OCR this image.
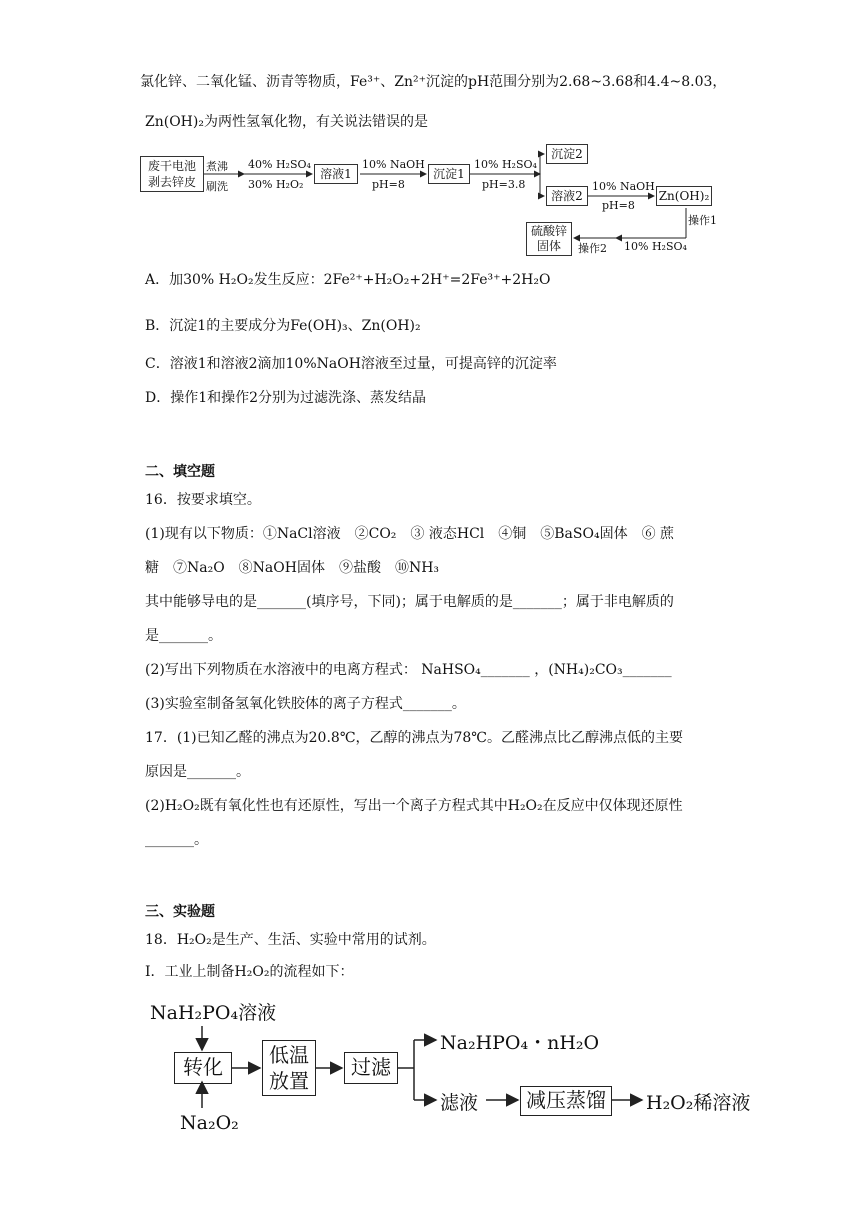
氯化锌、二氧化锰、沥青等物质，Fe³⁺、Zn²⁺沉淀的pH范围分别为2.68~3.68和4.4~8.03，
Zn(OH)₂为两性氢氧化物，有关说法错误的是
废干电池
剥去锌皮
煮沸
刷洗
40% H₂SO₄
30% H₂O₂
溶液1
10% NaOH
pH=8
沉淀1
10% H₂SO₄
pH=3.8
沉淀2
溶液2
10% NaOH
pH=8
Zn(OH)₂
操作1
10% H₂SO₄
操作2
硫酸锌
固体
A．加30% H₂O₂发生反应：2Fe²⁺+H₂O₂+2H⁺=2Fe³⁺+2H₂O
B．沉淀1的主要成分为Fe(OH)₃、Zn(OH)₂
C．溶液1和溶液2滴加10%NaOH溶液至过量，可提高锌的沉淀率
D．操作1和操作2分别为过滤洗涤、蒸发结晶
二、填空题
16．按要求填空。
(1)现有以下物质：①NaCl溶液　②CO₂　③ 液态HCl　④铜　⑤BaSO₄固体　⑥ 蔗
糖　⑦Na₂O　⑧NaOH固体　⑨盐酸　⑩NH₃
其中能够导电的是_______(填序号，下同)；属于电解质的是_______；属于非电解质的
是_______。
(2)写出下列物质在水溶液中的电离方程式： NaHSO₄_______ ，(NH₄)₂CO₃_______
(3)实验室制备氢氧化铁胶体的离子方程式_______。
17．(1)已知乙醛的沸点为20.8℃，乙醇的沸点为78℃。乙醛沸点比乙醇沸点低的主要
原因是_______。
(2)H₂O₂既有氧化性也有还原性，写出一个离子方程式其中H₂O₂在反应中仅体现还原性
_______。
三、实验题
18．H₂O₂是生产、生活、实验中常用的试剂。
I．工业上制备H₂O₂的流程如下：
NaH₂PO₄溶液
转化
Na₂O₂
低温
放置
过滤
Na₂HPO₄・nH₂O
滤液	减压蒸馏	H₂O₂稀溶液
